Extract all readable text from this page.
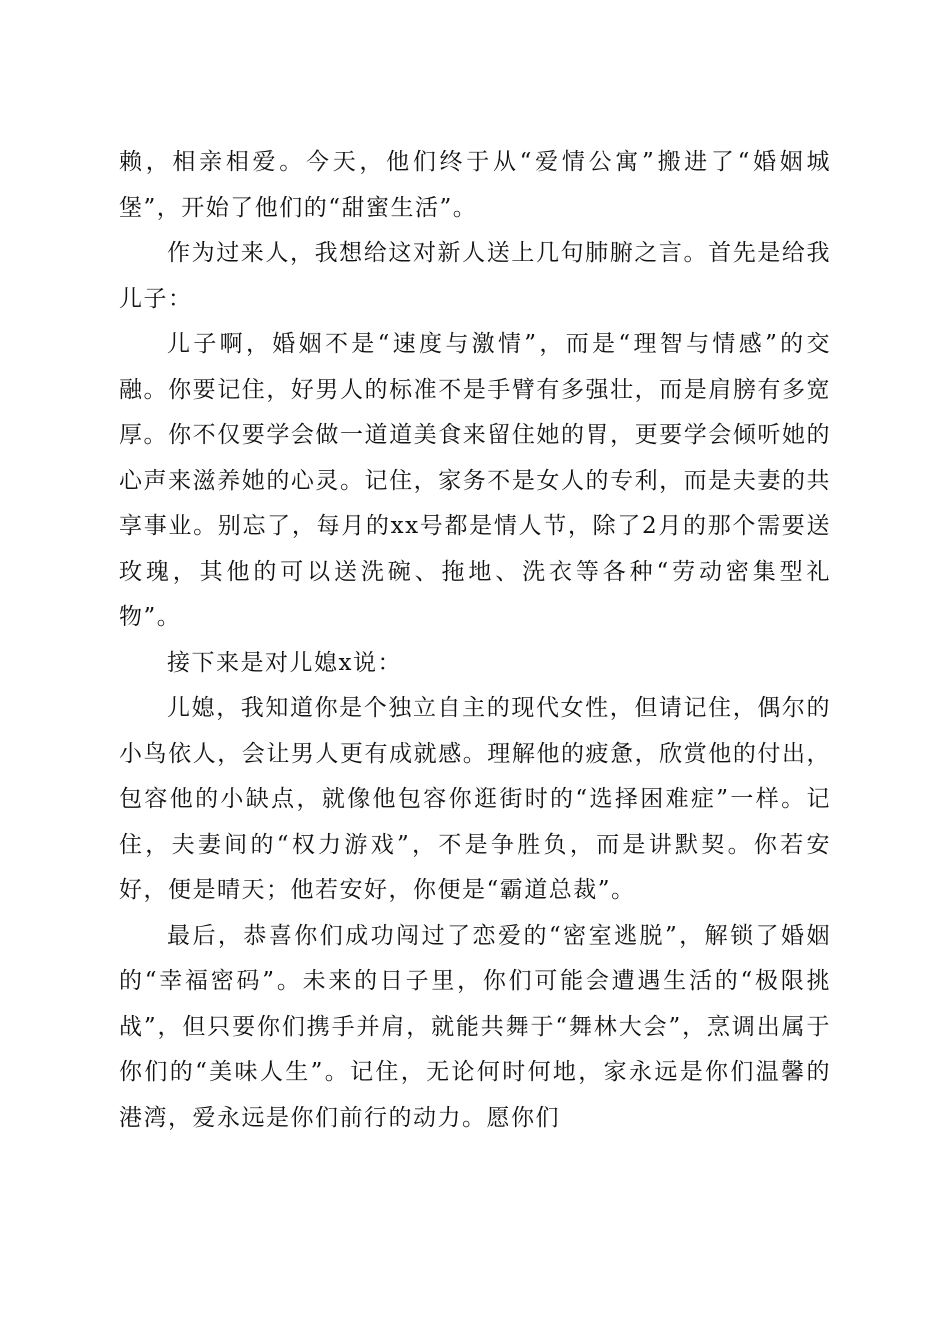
赖，相亲相爱。今天，他们终于从“爱情公寓”搬进了“婚姻城堡”，开始了他们的“甜蜜生活”。

作为过来人，我想给这对新人送上几句肺腑之言。首先是给我儿子：

儿子啊，婚姻不是“速度与激情”，而是“理智与情感”的交融。你要记住，好男人的标准不是手臂有多强壮，而是肩膀有多宽厚。你不仅要学会做一道道美食来留住她的胃，更要学会倾听她的心声来滋养她的心灵。记住，家务不是女人的专利，而是夫妻的共享事业。别忘了，每月的xx号都是情人节，除了2月的那个需要送玫瑰，其他的可以送洗碗、拖地、洗衣等各种“劳动密集型礼物”。

接下来是对儿媳x说：

儿媳，我知道你是个独立自主的现代女性，但请记住，偶尔的小鸟依人，会让男人更有成就感。理解他的疲惫，欣赏他的付出，包容他的小缺点，就像他包容你逛街时的“选择困难症”一样。记住，夫妻间的“权力游戏”，不是争胜负，而是讲默契。你若安好，便是晴天；他若安好，你便是“霸道总裁”。

最后，恭喜你们成功闯过了恋爱的“密室逃脱”，解锁了婚姻的“幸福密码”。未来的日子里，你们可能会遭遇生活的“极限挑战”，但只要你们携手并肩，就能共舞于“舞林大会”，烹调出属于你们的“美味人生”。记住，无论何时何地，家永远是你们温馨的港湾，爱永远是你们前行的动力。愿你们
